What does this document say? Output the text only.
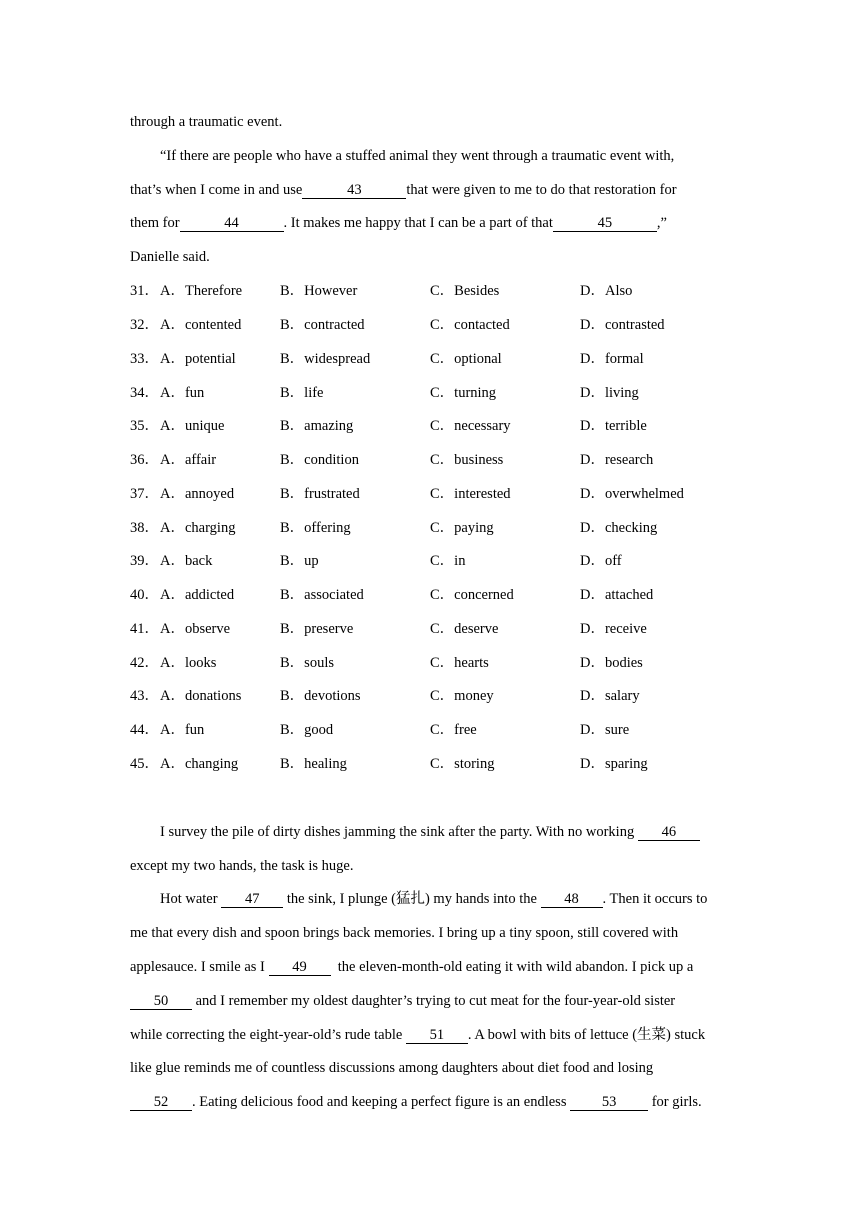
through a traumatic event.
“If there are people who have a stuffed animal they went through a traumatic event with,
that’s when I come in and use	43	that were given to me to do that restoration for
them for	44	. It makes me happy that I can be a part of that	45	,”
Danielle said.
31． A．Therefore	B．However	C．Besides	D．Also
32． A．contented	B．contracted	C．contacted	D．contrasted
33． A．potential	B．widespread	C．optional	D．formal
34． A．fun	B．life	C．turning	D．living
35． A．unique	B．amazing	C．necessary	D．terrible
36． A．affair	B．condition	C．business	D．research
37． A．annoyed	B．frustrated	C．interested	D．overwhelmed
38． A．charging	B．offering	C．paying	D．checking
39． A．back	B．up	C．in	D．off
40． A．addicted	B．associated	C．concerned	D．attached
41． A．observe	B．preserve	C．deserve	D．receive
42． A．looks	B．souls	C．hearts	D．bodies
43． A．donations	B．devotions	C．money	D．salary
44． A．fun	B．good	C．free	D．sure
45． A．changing	B．healing	C．storing	D．sparing
I survey the pile of dirty dishes jamming the sink after the party. With no working 46
except my two hands, the task is huge.
Hot water 47 the sink, I plunge (猛扎) my hands into the 48 . Then it occurs to
me that every dish and spoon brings back memories. I bring up a tiny spoon, still covered with
applesauce. I smile as I 49 the eleven-month-old eating it with wild abandon. I pick up a
50 and I remember my oldest daughter’s trying to cut meat for the four-year-old sister
while correcting the eight-year-old’s rude table 51 . A bowl with bits of lettuce (生菜) stuck
like glue reminds me of countless discussions among daughters about diet food and losing
52 . Eating delicious food and keeping a perfect figure is an endless 53 for girls.
